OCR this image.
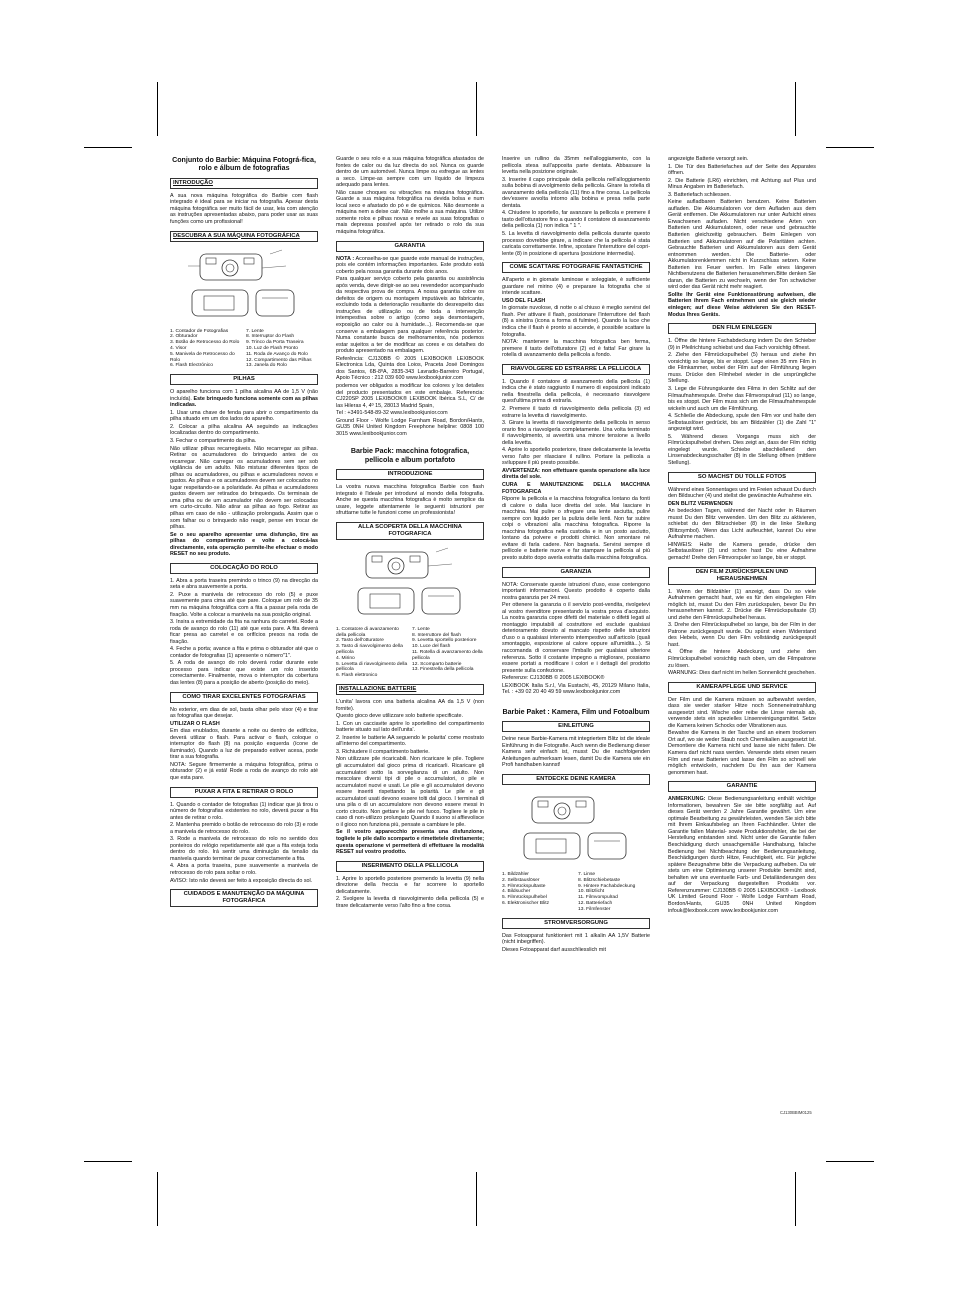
Conjunto do Barbie: Máquina Fotográ-fica, rolo e álbum de fotografias
INTRODUÇÃO

A sua nova máquina fotográfica do Barbie com flash integrado é ideal para se iniciar na fotografia. Apesar desta máquina fotográfica ser muito fácil de usar, leia com atenção as instruções apresentadas abaixo, para poder usar as suas funções como um profissional!

DESCUBRA A SUA MÁQUINA FOTOGRÁFICA
1. Contador de Fotografias
2. Obturador
3. Botão de Retrocesso do Rolo
4. Visor
5. Manivela de Retrocesso do Rolo
6. Flash Electrónico
7. Lente
8. Interruptor do Flash
9. Trinco da Porta Traseira
10. Luz de Flash Pronto
11. Roda de Avanço do Rolo
12. Compartimento das Pilhas
13. Janela do Rolo
PILHAS

O aparelho funciona com 1 pilha alcalina AA de 1,5 V (não incluída). Este brinquedo funciona somente com as pilhas indicadas.

1. Usar uma chave de fenda para abrir o compartimento da pilha situado em um dos lados do aparelho.

2. Colocar a pilha alcalina AA seguindo as indicações localizadas dentro do compartimento.

3. Fechar o compartimento da pilha.

Não utilizar pilhas recarregáveis. Não recarregar as pilhas. Retirar os acumuladores do brinquedo antes de os recarregar. Não carregar os acumuladores sem ser sob vigilância de um adulto. Não misturar diferentes tipos de pilhas ou acumuladores, ou pilhas e acumuladores novos e gastos. As pilhas e os acumuladores devem ser colocados no lugar respeitando-se a polaridade. As pilhas e acumuladores gastos devem ser retirados do brinquedo. Os terminais de uma pilha ou de um acumulador não devem ser colocadas em curto-circuito. Não atirar as pilhas ao fogo. Retirar as pilhas em caso de não - utilização prolongada. Assim que o som falhar ou o brinquedo não reagir, pense em trocar de pilhas.

Se o seu aparelho apresentar uma disfunção, tire as pilhas do compartimento e volte a colocá-las directamente, esta operação permite-lhe efectuar o modo RESET no seu produto.

COLOCAÇÃO DO ROLO

1. Abra a porta traseira premindo o trinco (9) na direcção da seta e abra suavemente a porta.

2. Puxe a manivela de retrocesso do rolo (5) e puxe suavemente para cima até que pare. Coloque um rolo de 35 mm na máquina fotográfica com a fita a passar pela roda de fixação. Volte a colocar a manivela na sua posição original.

3. Insira a extremidade da fita na ranhura do carretel. Rode a roda de avanço do rolo (11) até que esta pare. A fita deverá ficar presa ao carretel e os orifícios presos na roda de fixação.

4. Feche a porta; avance a fita e prima o obturador até que o contador de fotografias (1) apresente o número"1".

5. A roda de avanço do rolo deverá rodar durante este processo para indicar que existe um rolo inserido correctamente. Finalmente, mova o interruptor da cobertura das lentes (8) para a posição de aberto (posição do meio).

COMO TIRAR EXCELENTES FOTOGRAFIAS

No exterior, em dias de sol, basta olhar pelo visor (4) e tirar as fotografias que desejar.

UTILIZAR O FLASH

Em dias enublados, durante a noite ou dentro de edifícios, deverá utilizar o flash. Para activar o flash, coloque o interruptor do flash (8) na posição esquerda (ícone de iluminado). Quando a luz de preparado estiver acesa, pode tirar a sua fotografia.

NOTA: Segure firmemente a máquina fotográfica, prima o obturador (2) e já está! Rode a roda de avanço do rolo até que esta pare.

PUXAR A FITA E RETIRAR O ROLO

1. Quando o contador de fotografias (1) indicar que já tirou o número de fotografias existentes no rolo, deverá puxar a fita antes de retirar o rolo.

2. Mantenha premido o botão de retrocesso do rolo (3) e rode a manivela de retrocesso do rolo.

3. Rode a manivela de retrocesso do rolo no sentido dos ponteiros do relógio repetidamente até que a fita esteja toda dentro do rolo. Irá sentir uma diminuição da tensão da manivela quando terminar de puxar correctamente a fita.

4. Abra a porta traseira, puxe suavemente a manivela de retrocesso do rolo para soltar o rolo.

AVISO: Isto não deverá ser feito à exposição directa do sol.

CUIDADOS E MANUTENÇÃO DA MÁQUINA FOTOGRÁFICA

Guarde o seu rolo e a sua máquina fotográfica afastados de fontes de calor ou da luz directa do sol. Nunca os guarde dentro de um automóvel. Nunca limpe ou esfregue as lentes a seco. Limpe-as sempre com um líquido de limpeza adequado para lentes.

Não cause choques ou vibrações na máquina fotográfica. Guarde a sua máquina fotográfica na devida bolsa e num local seco e afastado do pó e de químicos. Não desmonte a máquina nem a deixe cair. Não molhe a sua máquina. Utilize somente rolos e pilhas novas e revele as suas fotografias o mais depressa possível após ter retirado o rolo da sua máquina fotográfica.

GARANTIA

NOTA : Aconselha-se que guarde este manual de instruções, pois ele contém informações importantes. Este produto está coberto pela nossa garantia durante dois anos.

Para qualquer serviço coberto pela garantia ou assistência após venda, deve dirigir-se ao seu revendedor acompanhado da respectiva prova de compra. A nossa garantia cobre os defeitos de origem ou montagem imputáveis ao fabricante, excluindo toda a deterioração resultante do desrespeito das instruções de utilização ou de toda a intervenção intempestiva sobre o artigo (como seja desmontagem, exposição ao calor ou à humidade...). Recomenda-se que conserve a embalagem para qualquer referência posterior. Numa constante busca de melhoramentos, nós podemos estar sujeitos a ter de modificar as cores e os detalhes do produto apresentado na embalagem.

Referência: CJ130BB © 2005 LEXIBOOK® LEXIBOOK Electronica Lda, Quinta dos Loios, Praceta José Domingos dos Santos, 6B-8ºA, 2835-343 Lavradio-Barreiro Portugal, Apoio Técnico : 212 039 600 www.lexibookjunior.com

podemos ver obligados a modificar los colores y los detalles del producto presentados en este embalaje. Referencia: CJ220SP 2005 LEXIBOOK® LEXIBOOK Ibérica S.L, C/ de las Hileras 4, 4º 15, 28013 Madrid Spain,

Tel : +3491-548-89-32 www.lexibookjunior.com

Ground Floor - Wolfe Lodge Farnham Road, Bordon/Hants, GU35 0NH United Kingdom Freephone helpline: 0808 100 3015 www.lexibookjunior.com

Barbie Pack: macchina fotografica, pellicola e album portafoto
INTRODUZIONE

La vostra nuova macchina fotografica Barbie con flash integrato è l'ideale per introdurvi al mondo della fotografia. Anche se questa macchina fotografica è molto semplice da usare, leggete attentamente le seguenti istruzioni per sfruttarne tutte le funzioni come un professionista!

ALLA SCOPERTA DELLA MACCHINA FOTOGRAFICA
1. Contatore di avanzamento della pellicola
2. Tasto dell'otturatore
3. Tasto di riavvolgimento della pellicola
4. Mirino
5. Levetta di riavvolgimento della pellicola
6. Flash elettronico
7. Lente
8. Interruttore del flash
9. Levetta sportello posteriore
10. Luce del flash
11. Rotella di avanzamento della pellicola
12. Scomparto batterie
13. Finestrella della pellicola
INSTALLAZIONE BATTERIE

L'unita' lavora con una batteria alcalina AA da 1,5 V (non fornite).

Questo gioco deve utilizzare solo batterie specificate.

1. Con un cacciavite aprire lo sportellino del compartimento batterie situato sul lato dell'unita'.

2. Inserire le batterie AA seguendo le polarita' come mostrato all'interno del compartimento.

3. Richiudere il compartimento batterie.

Non utilizzare pile ricaricabili. Non ricaricare le pile. Togliere gli accumulatori dal gioco prima di ricaricarli. Ricaricare gli accumulatori sotto la sorveglianza di un adulto. Non mescolare diversi tipi di pile o accumulatori, o pile e accumulatori nuovi e usati. Le pile e gli accumulatori devono essere inseriti rispettando la polarità. Le pile e gli accumulatori usati devono essere tolti dal gioco. I terminali di una pila o di un accumulatore non devono essere messi in corto circuito. Non gettare le pile nel fuoco. Togliere le pile in caso di non-utilizzo prolungato Quando il suono si affievolisce o il gioco non funziona più, pensate a cambiare le pile.

Se il vostro apparecchio presenta una disfunzione, togliete le pile dallo scomparto e rimettetele direttamente; questa operazione vi permetterà di effettuare la modalità RESET sul vostro prodotto.

INSERIMENTO DELLA PELLICOLA

1. Aprire lo sportello posteriore premendo la levetta (9) nella direzione della freccia e far scorrere lo sportello delicatamente.

2. Svolgere la levetta di riavvolgimento della pellicola (5) e tirare delicatamente verso l'alto fino a fine corsa.

Inserire un rullino da 35mm nell'alloggiamento, con la pellicola stesa sull'apposita parte dentata. Abbassare la levetta nella posizione originale.

3. Inserire il capo principale della pellicola nell'alloggiamento sulla bobina di avvolgimento della pellicola. Girare la rotella di avanzamento della pellicola (11) fino a fine corsa. La pellicola dev'essere avvolta intorno alla bobina e presa nella parte dentata.

4. Chiudere lo sportello, far avanzare la pellicola e premere il tasto dell'otturatore fino a quando il contatore di avanzamento della pellicola (1) non indica " 1 ".

5. La levetta di riavvolgimento della pellicola durante questo processo dovrebbe girare, a indicare che la pellicola è stata caricata correttamente. Infine, spostare l'interruttore del copri-lente (8) in posizione di apertura (posizione intermedia).

COME SCATTARE FOTOGRAFIE FANTASTICHE

All'aperto e in giornate luminose e soleggiate, è sufficiente guardare nel mirino (4) e preparare la fotografia che si intende scattare.

USO DEL FLASH

In giornate nuvolose, di notte o al chiuso è meglio servirsi del flash. Per attivare il flash, posizionare l'interruttore del flash (8) a sinistra (icona a forma di fulmine). Quando la luce che indica che il flash è pronto si accende, è possibile scattare la fotografia.

NOTA: mantenere la macchina fotografica ben ferma, premere il tasto dell'otturatore (2) ed è fatta! Far girare la rotella di avanzamento della pellicola a fondo.

RIAVVOLGERE ED ESTRARRE LA PELLICOLA

1. Quando il contatore di avanzamento della pellicola (1) indica che è stato raggiunto il numero di esposizioni indicato nella finestrella della pellicola, è necessario riavvolgere quest'ultima prima di estrarla.

2. Premere il tasto di riavvolgimento della pellicola (3) ed estrarre la levetta di riavvolgimento.

3. Girare la levetta di riavvolgimento della pellicola in senso orario fino a riavvolgerla completamente. Una volta terminato il riavvolgimento, si avvertirà una minore tensione a livello della levetta.

4. Aprire lo sportello posteriore, tirare delicatamente la levetta verso l'alto per rilasciare il rullino. Portare la pellicola a sviluppare il più presto possibile.

AVVERTENZA: non effettuare questa operazione alla luce diretta del sole.

CURA E MANUTENZIONE DELLA MACCHINA FOTOGRAFICA

Riporre la pellicola e la macchina fotografica lontano da fonti di calore o dalla luce diretta del sole. Mai lasciare in macchina. Mai pulire o sfregare una lente asciutta, pulire sempre con liquido per la pulizia delle lenti. Non far subire colpi o vibrazioni alla macchina fotografica. Riporre la macchina fotografica nella custodia e in un posto asciutto, lontano da polvere e prodotti chimici. Non smontare né evitare di farla cadere. Non bagnarla. Servirsi sempre di pellicole e batterie nuove e far stampare la pellicola al più presto subito dopo averla estratta dalla macchina fotografica.

GARANZIA

NOTA: Conservate queste istruzioni d'uso, esse contengono importanti informazioni. Questo prodotto è coperto dalla nostra garanzia per 24 mesi.

Per ottenere la garanzia o il servizio post-vendita, rivolgetevi al vostro rivenditore presentando la vostra prova d'acquisto. La nostra garanzia copre difetti del materiale o difetti legati al montaggio imputabili al costruttore ed esclude qualsiasi deterioramento dovuto al mancato rispetto delle istruzioni d'uso o a qualsiasi intervento intempestivo sull'articolo (quali smontaggio, esposizione al calore oppure all'umidità...). Si raccomanda di conservare l'imballo per qualsiasi ulteriore referenza. Sotto il costante impegno a migliorare, possiamo essere portati a modificare i colori e i dettagli del prodotto presente sulla confezione.

Referenze: CJ130BB © 2005 LEXIBOOK®

LEXIBOOK Italia S.r.l, Via Eustachi, 45, 20129 Milano Italia, Tel. : +39 02 20 40 49 59 www.lexibookjunior.com

Barbie Paket : Kamera, Film und Fotoalbum
EINLEITUNG

Deine neue Barbie-Kamera mit integriertem Blitz ist die ideale Einführung in die Fotografie. Auch wenn die Bedienung dieser Kamera sehr einfach ist, musst Du die nachfolgenden Anleitungen aufmerksam lesen, damit Du die Kamera wie ein Profi handhaben kannst!

ENTDECKE DEINE KAMERA
1. Bildzähler
2. Selbstauslöser
3. Filmrückspultaste
4. Bildsucher
5. Filmrückspulhebel
6. Elektronischer Blitz
7. Linse
8. Blitzschiebetaste
9. Hintere Fachabdeckung
10. Blitzlicht
11. Filmvorspulrad
12. Batteriefach
13. Filmfenster
STROMVERSORGUNG

Das Fotoapparat funktioniert mit 1 alkalin AA 1,5V Batterie (nicht inbegriffen).

Dieses Fotoapparat darf ausschliesslich mit

angezeigte Batterie versorgt sein.

1. Die Tür des Batteriefaches auf der Seite des Apparates öffnen.

2. Die Batterie (LR6) einrichten, mit Achtung auf Plus und Minus Angaben im Batteriefach.

3. Batteriefach schliessen.

Keine aufladbaren Batterien benutzen. Keine Batterien aufladen. Die Akkumulatoren vor dem Aufladen aus dem Gerät entfernen. Die Akkumulatoren nur unter Aufsicht eines Erwachsenen aufladen. Nicht verschiedene Arten von Batterien und Akkumulatoren, oder neue und gebrauchte Batterien gleichzeitig gebrauchen. Beim Einlegen von Batterien und Akkumulatoren auf die Polaritäten achten. Gebrauchte Batterien und Akkumulatoren aus dem Gerät entnommen werden. Die Batterie- oder Akkumulatorenklemmen nicht in Kurzschluss setzen. Keine Batterien ins Feuer werfen. Im Falle eines längeren Nichtbenutzens die Batterien herausnehmen.Bitte denken Sie daran, die Batterien zu wechseln, wenn der Ton schwächer wird oder das Gerät nicht mehr reagiert.

Sollte Ihr Gerät eine Funktionsstörung aufweisen, die Batterien ihrem Fach entnehmen und sie gleich wieder einlegen; auf diese Weise aktivieren Sie den RESET-Modus Ihres Geräts.

DEN FILM EINLEGEN

1. Öffne die hintere Fachabdeckung indem Du den Schieber (9) in Pfeilrichtung schiebst und das Fach vorsichtig öffnest.

2. Ziehe den Filmrückspulhebel (5) heraus und ziehe ihn vorsichtig so lange, bis er stoppt. Lege einen 35 mm Film in die Filmkammer, wobei der Film auf der Filmführung liegen muss. Drücke den Filmhebel wieder in die ursprüngliche Stellung.

3. Lege die Führungskante des Films in den Schlitz auf der Filmaufnahmespule. Drehe das Filmvorspulrad (11) so lange, bis es stoppt. Der Film muss sich um die Filmaufnahmespule wickeln und auch um die Filmführung.

4. Schließe die Abdeckung, spule den Film vor und halte den Selbstauslöser gedrückt, bis am Bildzähler (1) die Zahl "1" angezeigt wird.

5. Während dieses Vorgangs muss sich der Filmrückspulhebel drehen. Dies zeigt an, dass der Film richtig eingelegt wurde. Schiebe abschließend den Linsenabdeckungsschalter (8) in die Stellung öffnen (mittlere Stellung).

SO MACHST DU TOLLE FOTOS

Während eines Sonnentages und im Freien schaust Du durch den Bildsucher (4) und stellst die gewünschte Aufnahme ein.

DEN BLITZ VERWENDEN

An bedeckten Tagen, während der Nacht oder in Räumen musst Du den Blitz verwenden. Um den Blitz zu aktivieren, schiebst du den Blitzschieber (8) in die linke Stellung (Blitzsymbol). Wenn das Licht aufleuchtet, kannst Du eine Aufnahme machen.

HINWEIS: Halte die Kamera gerade, drücke den Selbstauslöser (2) und schon hast Du eine Aufnahme gemacht! Drehe den Filmvorspuler so lange, bis er stoppt.

DEN FILM ZURÜCKSPULEN UND HERAUSNEHMEN

1. Wenn der Bildzähler (1) anzeigt, dass Du so viele Aufnahmen gemacht hast, wie es für den eingelegten Film möglich ist, musst Du den Film zurückspulen, bevor Du ihn herausnehmen kannst. 2. Drücke die Filmrückspultaste (3) und ziehe den Filmrückspulhebel heraus.

3. Drehe den Filmrückspulhebel so lange, bis der Film in der Patrone zurückgespult wurde. Du spürst einen Widerstand des Hebels, wenn Du den Film vollständig zurückgespult hast.

4. Öffne die hintere Abdeckung und ziehe den Filmrückspulhebel vorsichtig nach oben, um die Filmpatrone zu lösen.

WARNUNG: Dies darf nicht im hellen Sonnenlicht geschehen.

KAMERAPFLEGE UND SERVICE

Der Film und die Kamera müssen so aufbewahrt werden, dass sie weder starker Hitze noch Sonneneinstrahlung ausgesetzt sind. Wische oder reibe die Linse niemals ab, verwende stets ein spezielles Linsenreinigungsmittel. Setze die Kamera keinen Schocks oder Vibrationen aus.

Bewahre die Kamera in der Tasche und an einem trockenen Ort auf, wo sie weder Staub noch Chemikalien ausgesetzt ist. Demontiere die Kamera nicht und lasse sie nicht fallen. Die Kamera darf nicht nass werden. Verwende stets einen neuen Film und neue Batterien und lasse den Film so schnell wie möglich entwickeln, nachdem Du ihn aus der Kamera genommen hast.

GARANTIE

ANMERKUNG: Diese Bedienungsanleitung enthält wichtige Informationen, bewahren Sie sie bitte sorgfältig auf. Auf dieses Gerät werden 2 Jahre Garantie gewährt. Um eine optimale Bearbeitung zu gewährleisten, wenden Sie sich bitte mit Ihrem Einkaufsbeleg an Ihren Fachhändler. Unter die Garantie fallen Material- sowie Produktionsfehler, die bei der Herstellung entstanden sind. Nicht unter die Garantie fallen Beschädigung durch unsachgemäße Handhabung, falsche Bedienung bei Nichtbeachtung der Bedienungsanleitung, Beschädigungen durch Hitze, Feuchtigkeit, etc. Für jegliche spätere Bezugnahme bitte die Verpackung aufheben. Da wir stets um eine Optimierung unserer Produkte bemüht sind, behalten wir uns eventuelle Farb- und Detailänderungen des auf der Verpackung dargestellten Produkts vor. Referenznummer: CJ130BB © 2005 LEXIBOOK® - Lexibook UK Limited Ground Floor - Wolfe Lodge Farnham Road, Bordon/Hants, GU35 0NH United Kingdom infouk@lexibook.com www.lexibookjunior.com

CJ130BBIM0125
